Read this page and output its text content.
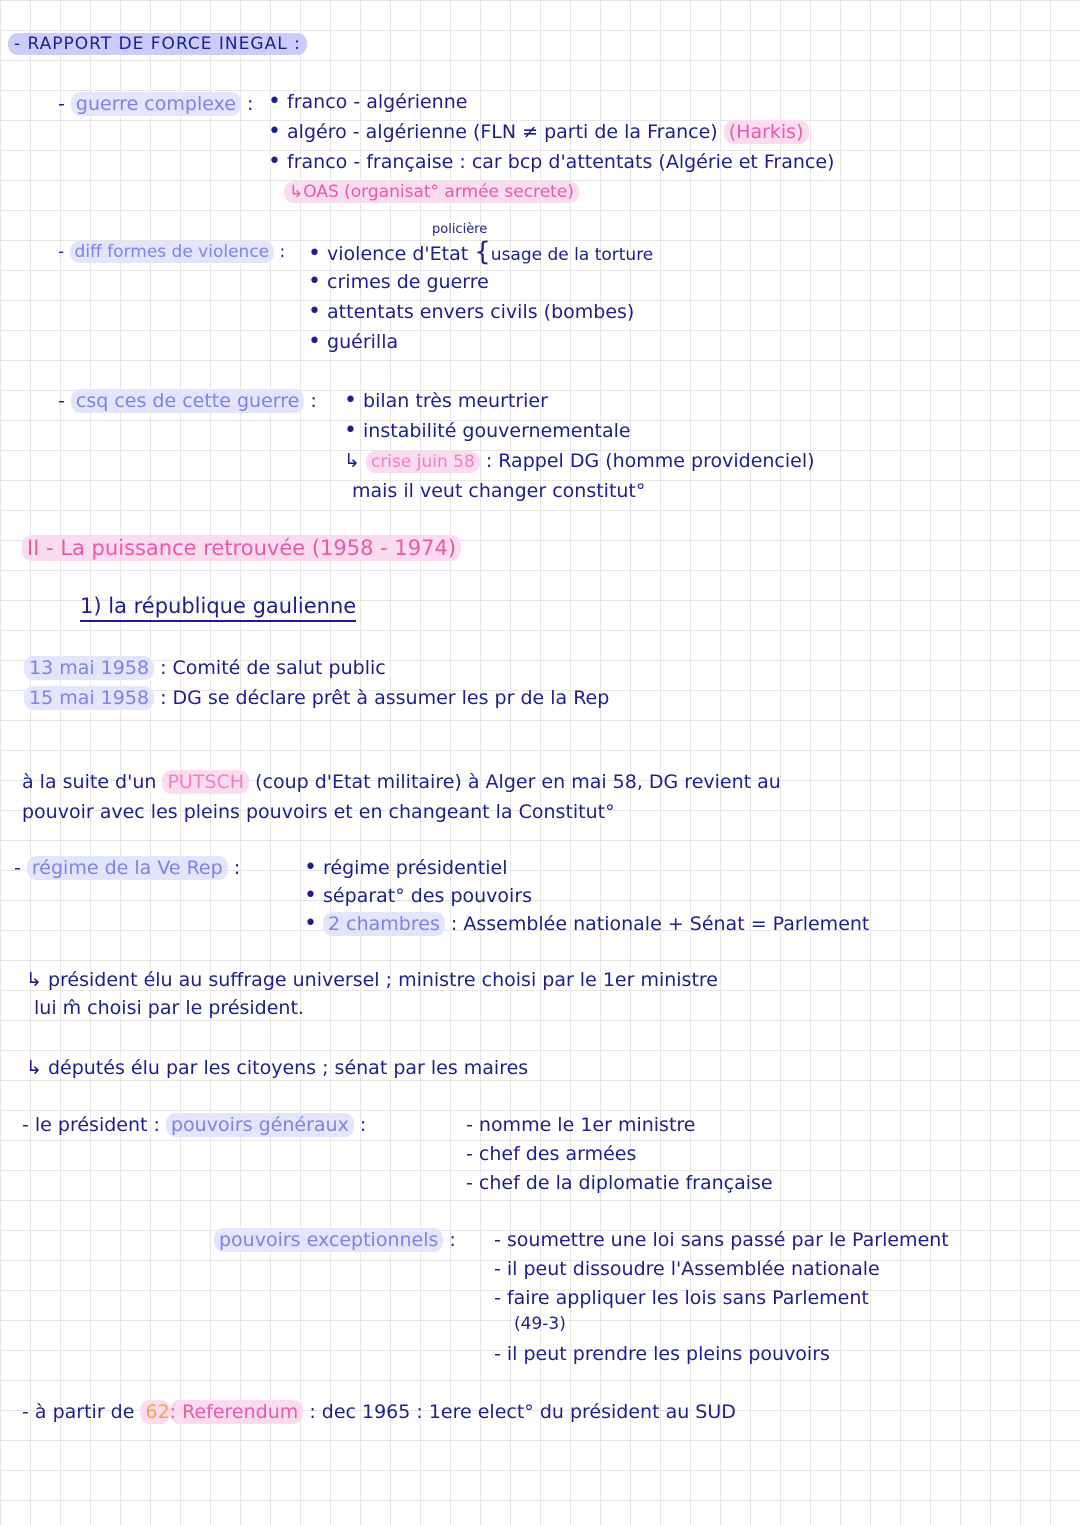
- RAPPORT DE FORCE INEGAL :
- guerre complexe : • franco - algérienne
• algéro - algérienne (FLN ≠ parti de la France) (Harkis)
• franco - française : car bcp d'attentats (Algérie et France)
↳OAS (organisat° armée secrete)
policière
- diff formes de violence : • violence d'Etat {usage de la torture
• crimes de guerre
• attentats envers civils (bombes)
• guérilla
- csq ces de cette guerre : • bilan très meurtrier
• instabilité gouvernementale
↳ crise juin 58 : Rappel DG (homme providenciel)
mais il veut changer constitut°
II - La puissance retrouvée (1958 - 1974)
1) la république gaulienne
13 mai 1958 : Comité de salut public
15 mai 1958 : DG se déclare prêt à assumer les pr de la Rep
à la suite d'un PUTSCH (coup d'Etat militaire) à Alger en mai 58, DG revient au
pouvoir avec les pleins pouvoirs et en changeant la Constitut°
- régime de la Ve Rep :	• régime présidentiel
• séparat° des pouvoirs
• 2 chambres : Assemblée nationale + Sénat = Parlement
↳ président élu au suffrage universel ; ministre choisi par le 1er ministre
lui m̂ choisi par le président.
↳ députés élu par les citoyens ; sénat par les maires
- le président : pouvoirs généraux :	- nomme le 1er ministre
- chef des armées
- chef de la diplomatie française
pouvoirs exceptionnels : - soumettre une loi sans passé par le Parlement
- il peut dissoudre l'Assemblée nationale
- faire appliquer les lois sans Parlement
(49-3)
- il peut prendre les pleins pouvoirs
- à partir de 62: Referendum : dec 1965 : 1ere elect° du président au SUD
